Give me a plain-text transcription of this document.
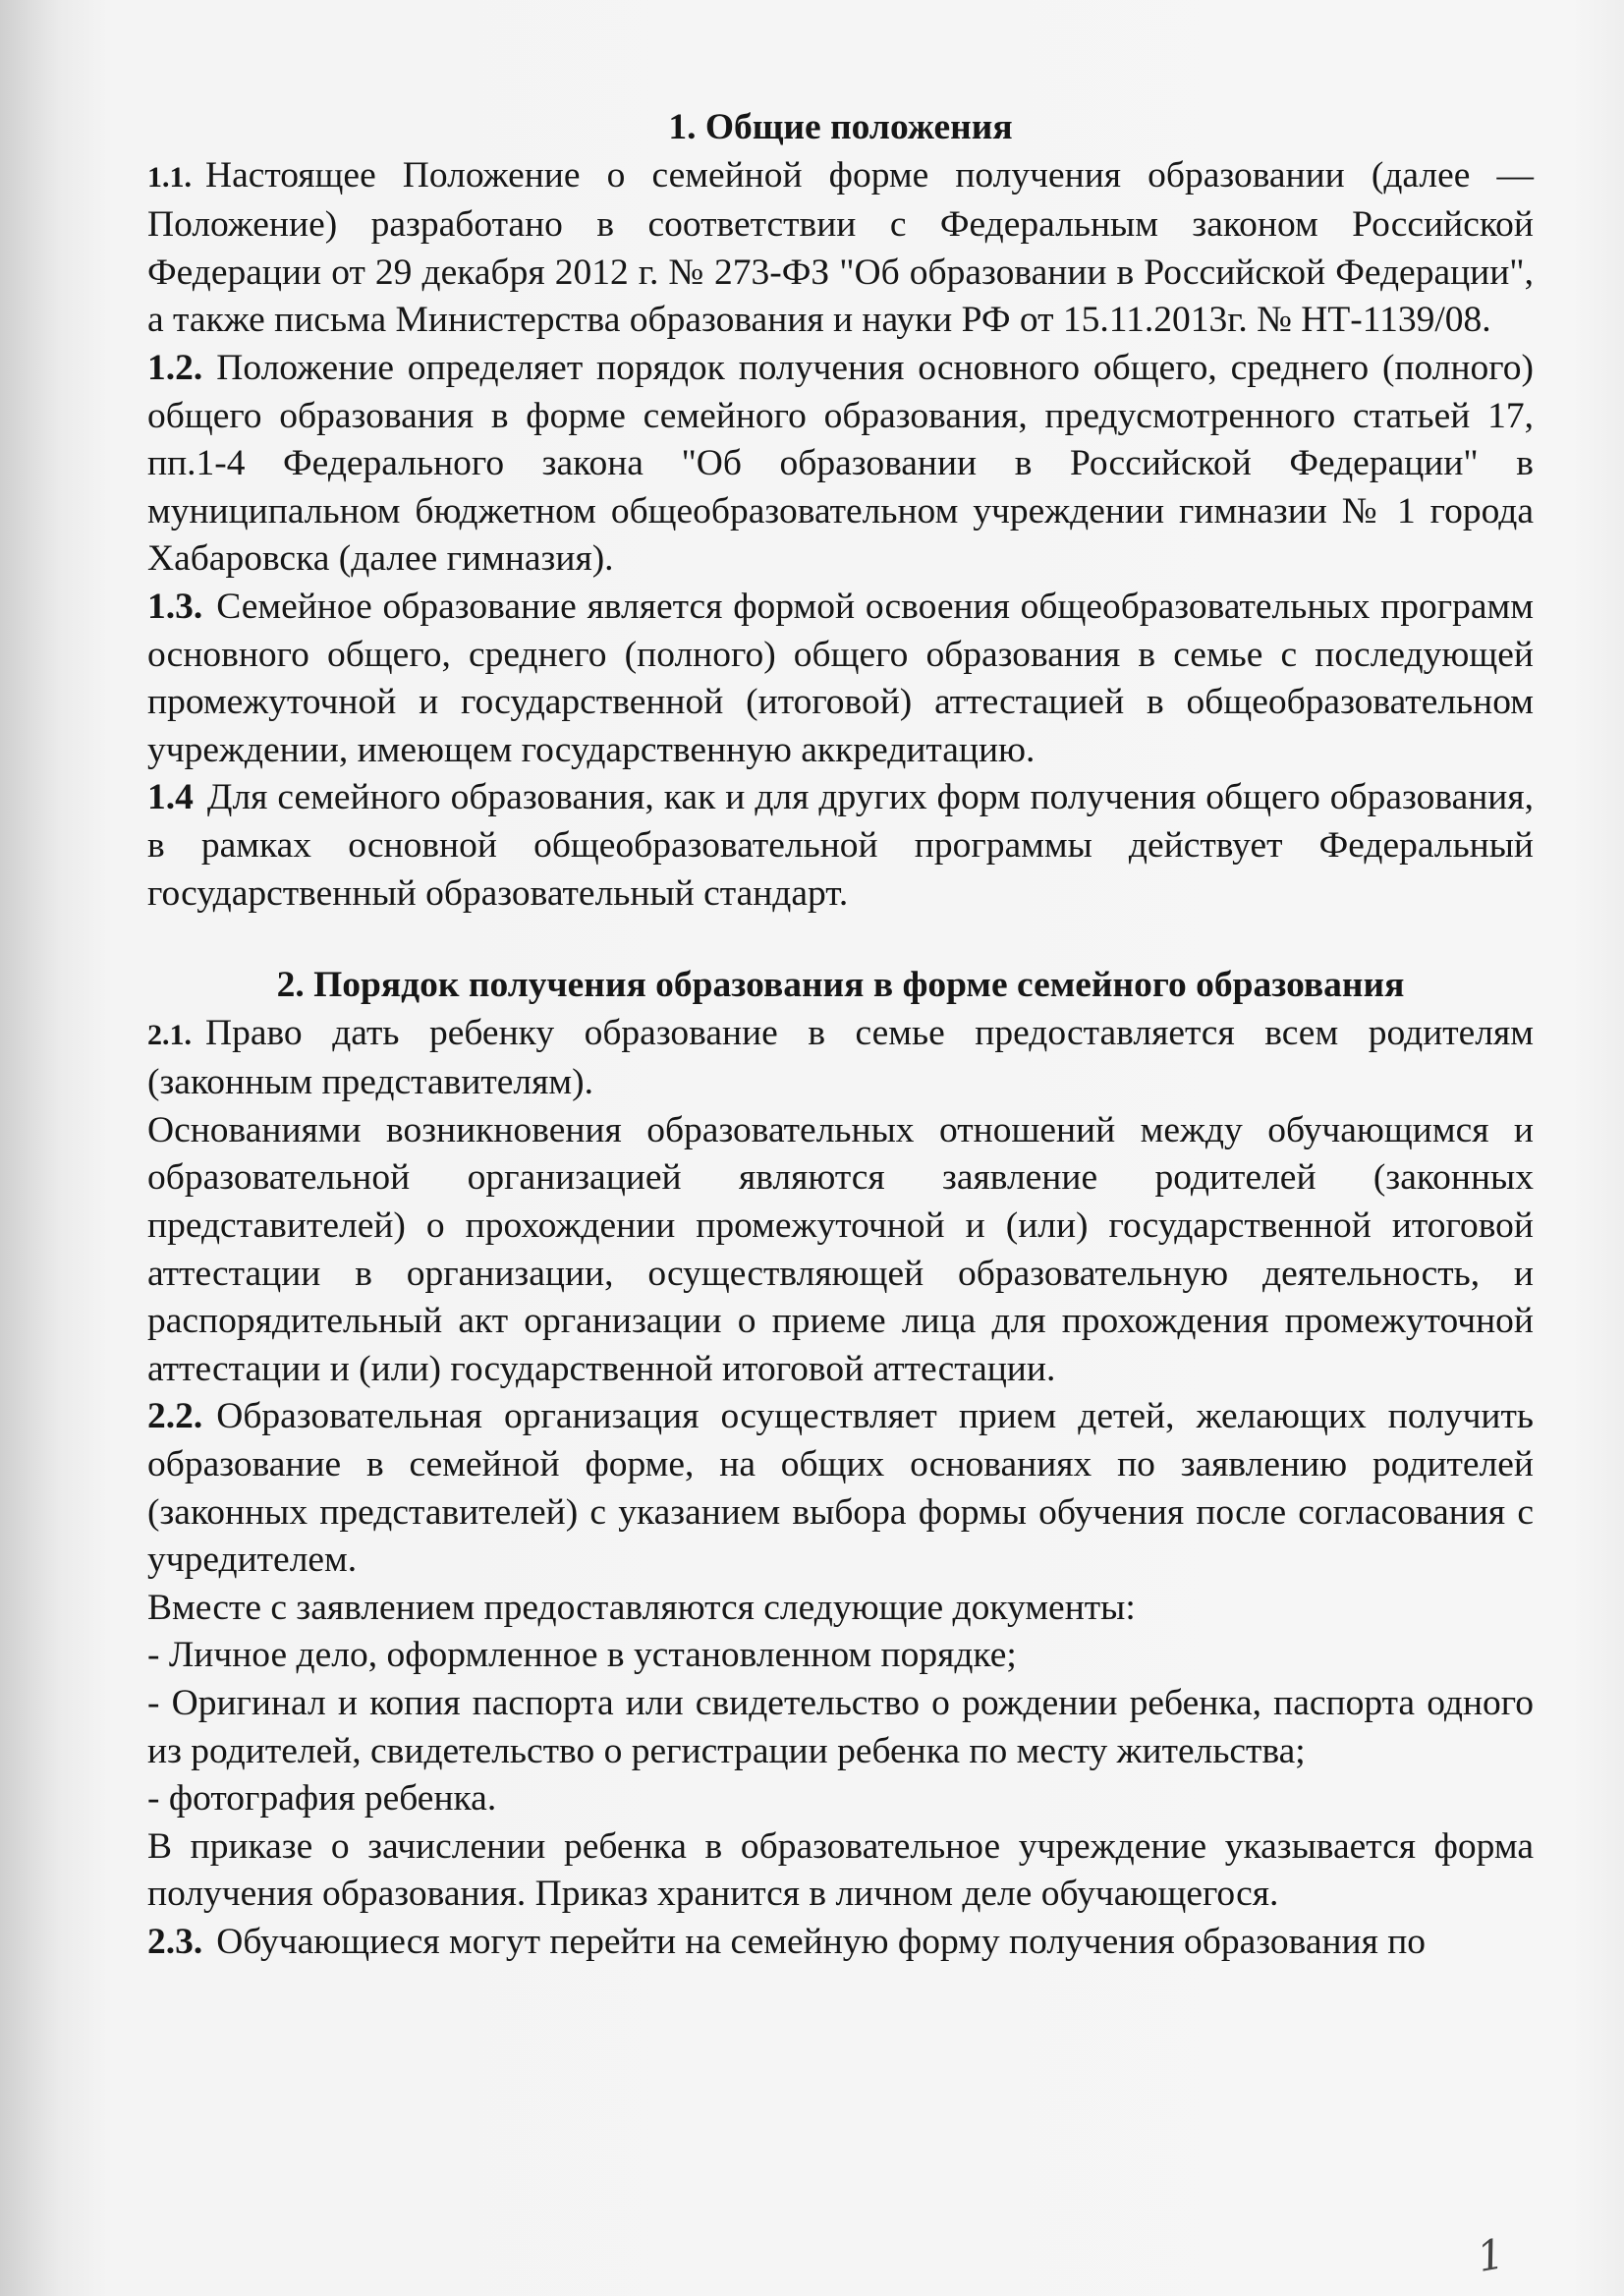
1. Общие положения

1.1. Настоящее Положение о семейной форме получения образовании (далее — Положение) разработано в соответствии с Федеральным законом Российской Федерации от 29 декабря 2012 г. № 273-ФЗ "Об образовании в Российской Федерации", а также письма Министерства образования и науки РФ от 15.11.2013г. № НТ-1139/08.

1.2. Положение определяет порядок получения основного общего, среднего (полного) общего образования в форме семейного образования, предусмотренного статьей 17, пп.1-4 Федерального закона "Об образовании в Российской Федерации" в муниципальном бюджетном общеобразовательном учреждении гимназии № 1 города Хабаровска (далее гимназия).

1.3. Семейное образование является формой освоения общеобразовательных программ основного общего, среднего (полного) общего образования в семье с последующей промежуточной и государственной (итоговой) аттестацией в общеобразовательном учреждении, имеющем государственную аккредитацию.

1.4 Для семейного образования, как и для других форм получения общего образования, в рамках основной общеобразовательной программы действует Федеральный государственный образовательный стандарт.

2. Порядок получения образования в форме семейного образования

2.1. Право дать ребенку образование в семье предоставляется всем родителям (законным представителям).

Основаниями возникновения образовательных отношений между обучающимся и образовательной организацией являются заявление родителей (законных представителей) о прохождении промежуточной и (или) государственной итоговой аттестации в организации, осуществляющей образовательную деятельность, и распорядительный акт организации о приеме лица для прохождения промежуточной аттестации и (или) государственной итоговой аттестации.

2.2. Образовательная организация осуществляет прием детей, желающих получить образование в семейной форме, на общих основаниях по заявлению родителей (законных представителей) с указанием выбора формы обучения после согласования с учредителем.

Вместе с заявлением предоставляются следующие документы:

- Личное дело, оформленное в установленном порядке;

- Оригинал и копия паспорта или свидетельство о рождении ребенка, паспорта одного из родителей, свидетельство о регистрации ребенка по месту жительства;

- фотография ребенка.

В приказе о зачислении ребенка в образовательное учреждение указывается форма получения образования. Приказ хранится в личном деле обучающегося.

2.3. Обучающиеся могут перейти на семейную форму получения образования по

1
